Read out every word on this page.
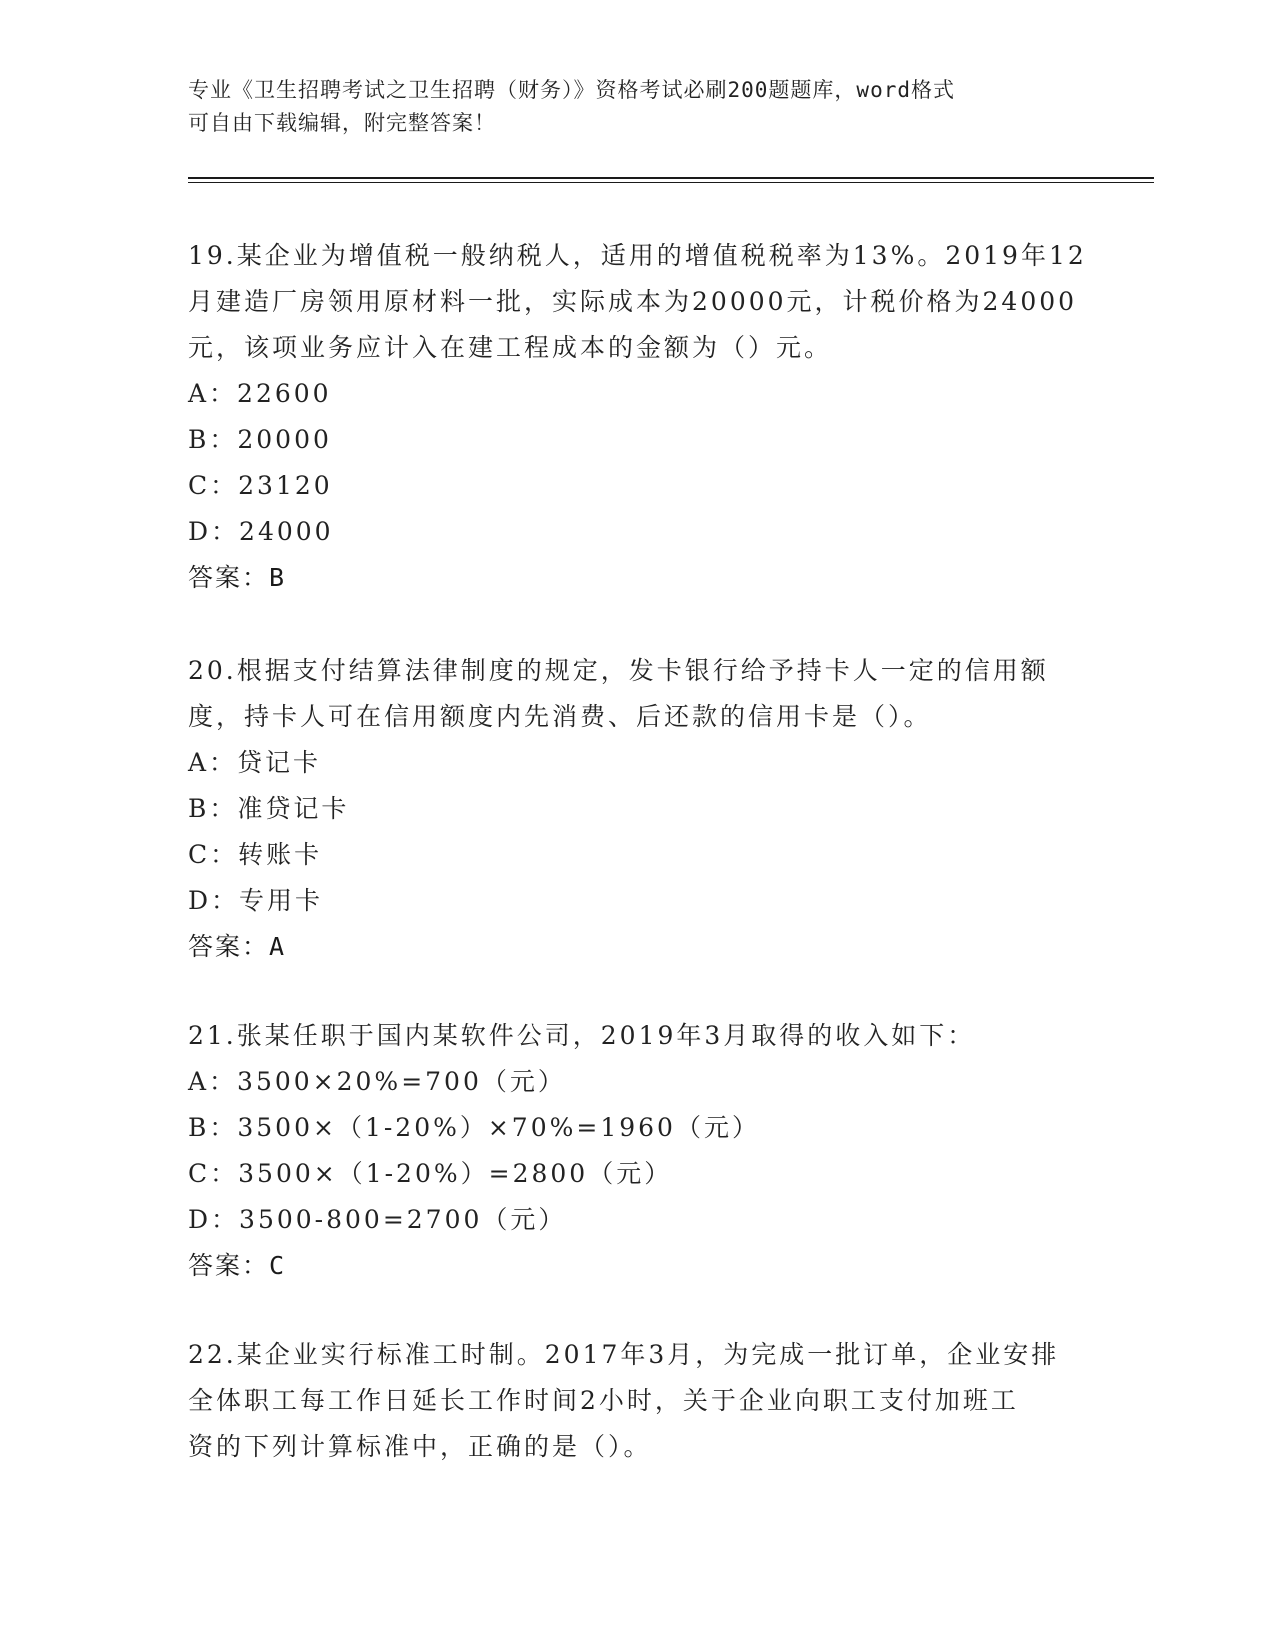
专业《卫生招聘考试之卫生招聘（财务）》资格考试必刷200题题库，word格式
可自由下载编辑，附完整答案！
19.某企业为增值税一般纳税人，适用的增值税税率为13%。2019年12
月建造厂房领用原材料一批，实际成本为20000元，计税价格为24000
元，该项业务应计入在建工程成本的金额为（）元。
A：22600
B：20000
C：23120
D：24000
答案：B
20.根据支付结算法律制度的规定，发卡银行给予持卡人一定的信用额
度，持卡人可在信用额度内先消费、后还款的信用卡是（）。
A：贷记卡
B：准贷记卡
C：转账卡
D：专用卡
答案：A
21.张某任职于国内某软件公司，2019年3月取得的收入如下：
A：3500×20%=700（元）
B：3500×（1-20%）×70%=1960（元）
C：3500×（1-20%）=2800（元）
D：3500-800=2700（元）
答案：C
22.某企业实行标准工时制。2017年3月，为完成一批订单，企业安排
全体职工每工作日延长工作时间2小时，关于企业向职工支付加班工
资的下列计算标准中，正确的是（）。
